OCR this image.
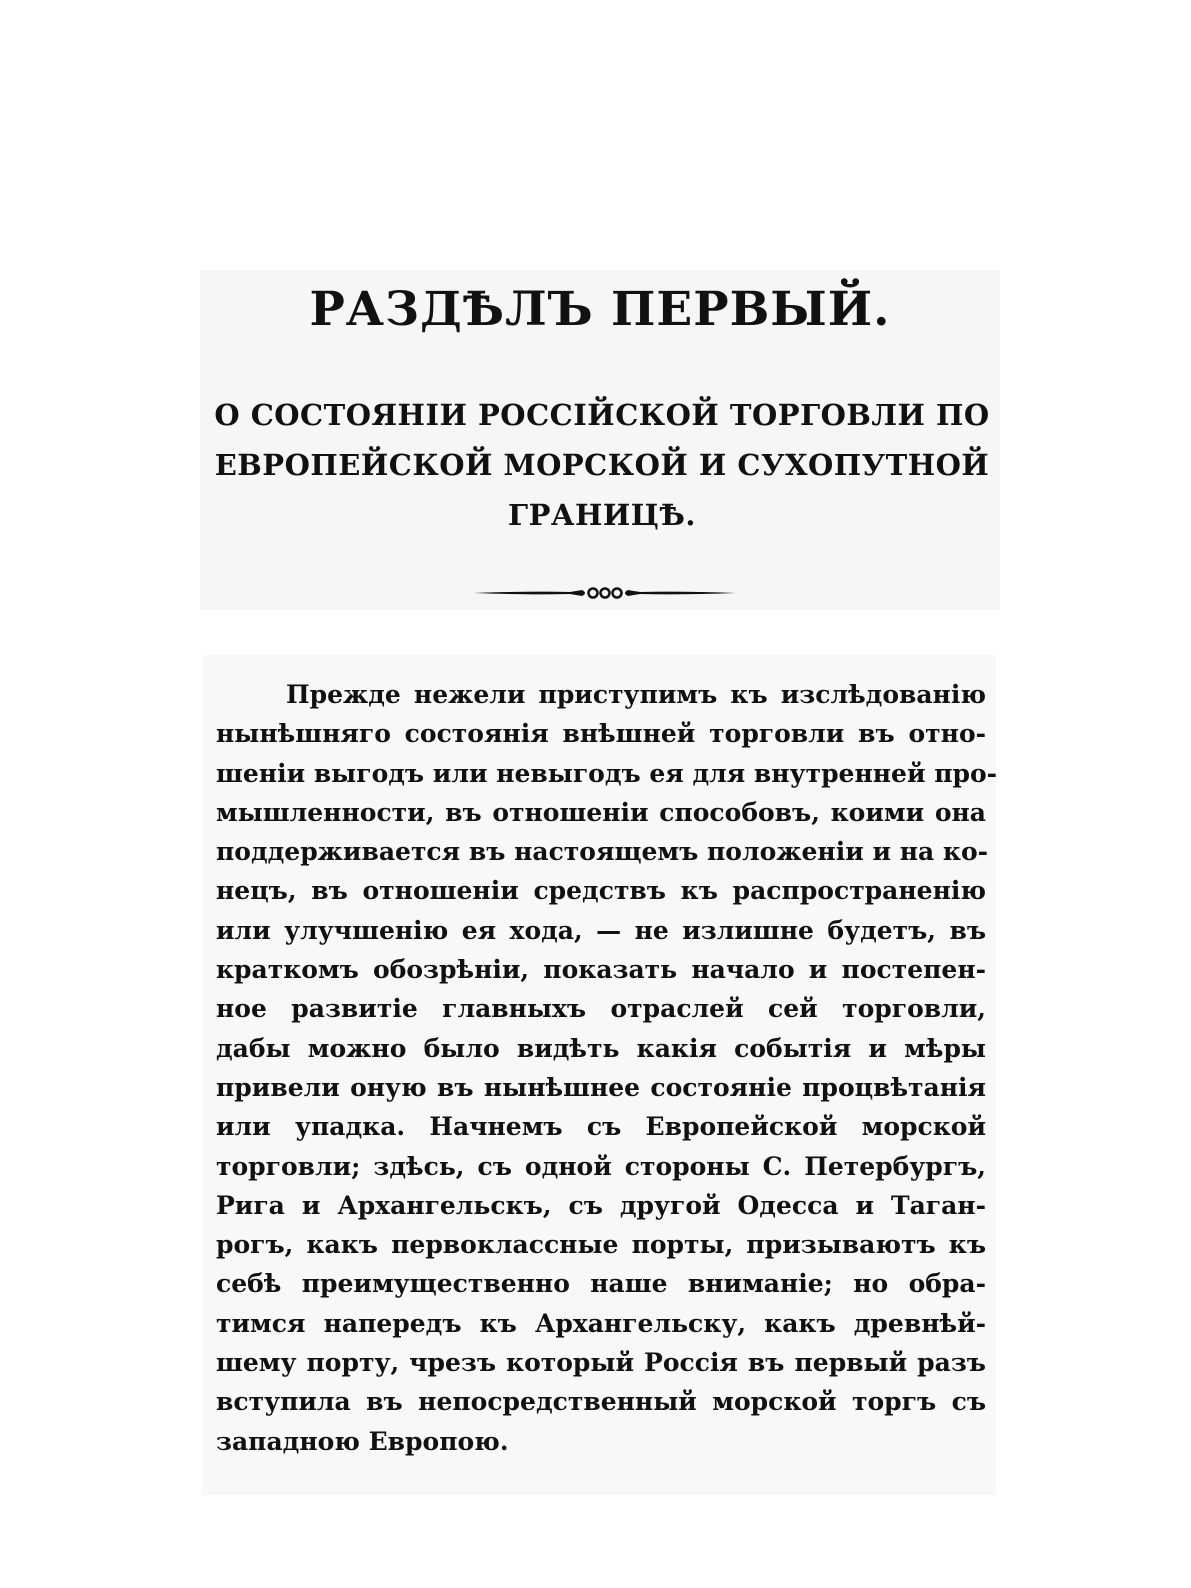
РАЗДѢЛЪ ПЕРВЫЙ.
О СОСТОЯНІИ РОССІЙСКОЙ ТОРГОВЛИ ПО ЕВРОПЕЙСКОЙ МОРСКОЙ И СУХОПУТНОЙ ГРАНИЦѢ.
Прежде нежели приступимъ къ изслѣдованію
нынѣшняго состоянія внѣшней торговли въ отно-
шеніи выгодъ или невыгодъ ея для внутренней про-
мышленности, въ отношеніи способовъ, коими она
поддерживается въ настоящемъ положеніи и на ко-
нецъ, въ отношеніи средствъ къ распространенію
или улучшенію ея хода, — не излишне будетъ, въ
краткомъ обозрѣніи, показать начало и постепен-
ное развитіе главныхъ отраслей сей торговли,
дабы можно было видѣть какія событія и мѣры
привели оную въ нынѣшнее состояніе процвѣтанія
или упадка. Начнемъ съ Европейской морской
торговли; здѣсь, съ одной стороны С. Петербургъ,
Рига и Архангельскъ, съ другой Одесса и Таган-
рогъ, какъ первоклассные порты, призываютъ къ
себѣ преимущественно наше вниманіе; но обра-
тимся напередъ къ Архангельску, какъ древнѣй-
шему порту, чрезъ который Россія въ первый разъ
вступила въ непосредственный морской торгъ съ
западною Европою.
